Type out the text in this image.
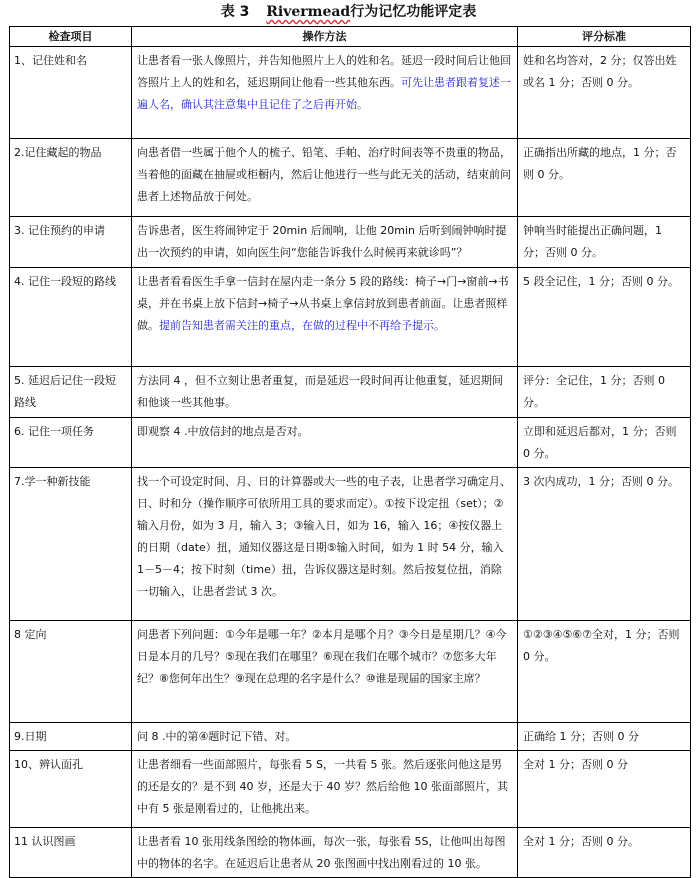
表 3 Rivermead行为记忆功能评定表
检查项目	操作方法	评分标准
1、记住姓和名	让患者看一张人像照片，并告知他照片上人的姓和名。延迟一段时间后让他回答照片上人的姓和名，延迟期间让他看一些其他东西。可先让患者跟着复述一遍人名，确认其注意集中且记住了之后再开始。	姓和名均答对，2 分；仅答出姓或名 1 分；否则 0 分。
2.记住藏起的物品	向患者借一些属于他个人的梳子、铅笔、手帕、治疗时间表等不贵重的物品，当着他的面藏在抽屉或柜橱内，然后让他进行一些与此无关的活动，结束前问患者上述物品放于何处。	正确指出所藏的地点，1 分；否则 0 分。
3. 记住预约的申请	告诉患者，医生将闹钟定于 20min 后闹响，让他 20min 后听到闹钟响时提出一次预约的申请，如向医生问“您能告诉我什么时候再来就诊吗”？	钟响当时能提出正确问题，1 分；否则 0 分。
4. 记住一段短的路线	让患者看看医生手拿一信封在屋内走一条分 5 段的路线：椅子→门→窗前→书桌，并在书桌上放下信封→椅子→从书桌上拿信封放到患者前面。让患者照样做。提前告知患者需关注的重点，在做的过程中不再给予提示。	5 段全记住，1 分；否则 0 分。
5. 延迟后记住一段短路线	方法同 4 ，但不立刻让患者重复，而是延迟一段时间再让他重复，延迟期间和他谈一些其他事。	评分：全记住，1 分；否则 0 分。
6. 记住一项任务	即观察 4 .中放信封的地点是否对。	立即和延迟后都对，1 分；否则 0 分。
7.学一种新技能	找一个可设定时间、月、日的计算器或大一些的电子表，让患者学习确定月、日、时和分（操作顺序可依所用工具的要求而定）。①按下设定扭（set）；②输入月份，如为 3 月，输入 3；③输入日，如为 16，输入 16；④按仪器上的日期（date）扭，通知仪器这是日期⑤输入时间，如为 1 时 54 分，输入 1－5－4；按下时刻（time）扭，告诉仪器这是时刻。然后按复位扭，消除一切输入，让患者尝试 3 次。	3 次内成功，1 分；否则 0 分。
8 定向	问患者下列问题：①今年是哪一年？②本月是哪个月？③今日是星期几？④今日是本月的几号？⑤现在我们在哪里？⑥现在我们在哪个城市？⑦您多大年纪？⑧您何年出生？⑨现在总理的名字是什么？⑩谁是现届的国家主席？	①②③④⑤⑥⑦全对，1 分；否则 0 分。
9.日期	问 8 .中的第④题时记下错、对。	正确给 1 分；否则 0 分
10、辨认面孔	让患者细看一些面部照片，每张看 5 S，一共看 5 张。然后逐张问他这是男的还是女的？是不到 40 岁，还是大于 40 岁？然后给他 10 张面部照片，其中有 5 张是刚看过的，让他挑出来。	全对 1 分；否则 0 分
11 认识图画	让患者看 10 张用线条图绘的物体画，每次一张，每张看 5S，让他叫出每图中的物体的名字。在延迟后让患者从 20 张图画中找出刚看过的 10 张。	全对 1 分；否则 0 分。
